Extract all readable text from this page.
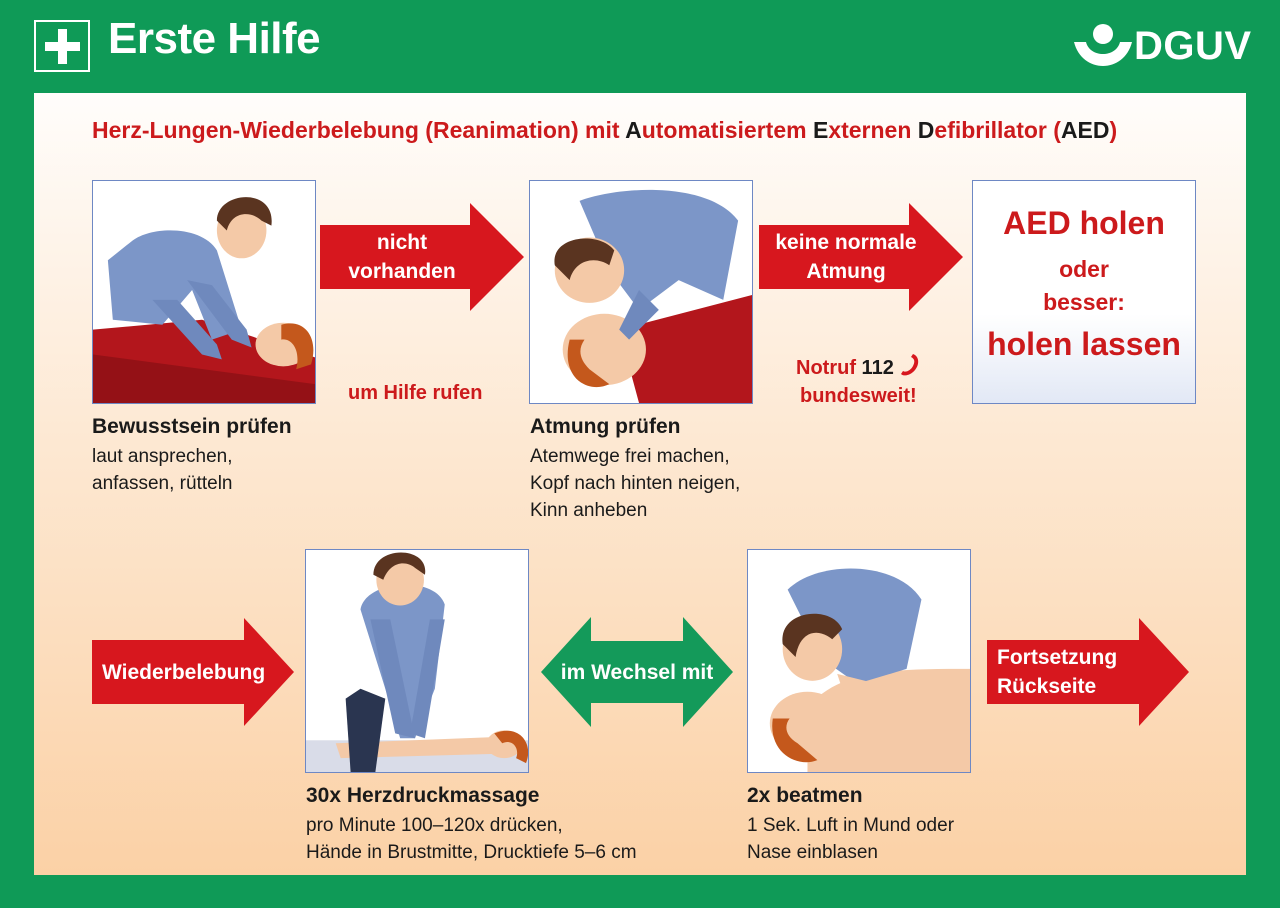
Erste Hilfe	DGUV
Herz-Lungen-Wiederbelebung (Reanimation) mit Automatisiertem Externen Defibrillator (AED)
nicht
vorhanden
um Hilfe rufen
keine normale
Atmung
Notruf 112
bundesweit!
AED holen
oder
besser:
holen lassen
Bewusstsein prüfen
laut ansprechen,
anfassen, rütteln
Atmung prüfen
Atemwege frei machen,
Kopf nach hinten neigen,
Kinn anheben
Wiederbelebung	im Wechsel mit
Fortsetzung
Rückseite
30x Herzdruckmassage
pro Minute 100–120x drücken,
Hände in Brustmitte, Drucktiefe 5–6 cm
2x beatmen
1 Sek. Luft in Mund oder
Nase einblasen
